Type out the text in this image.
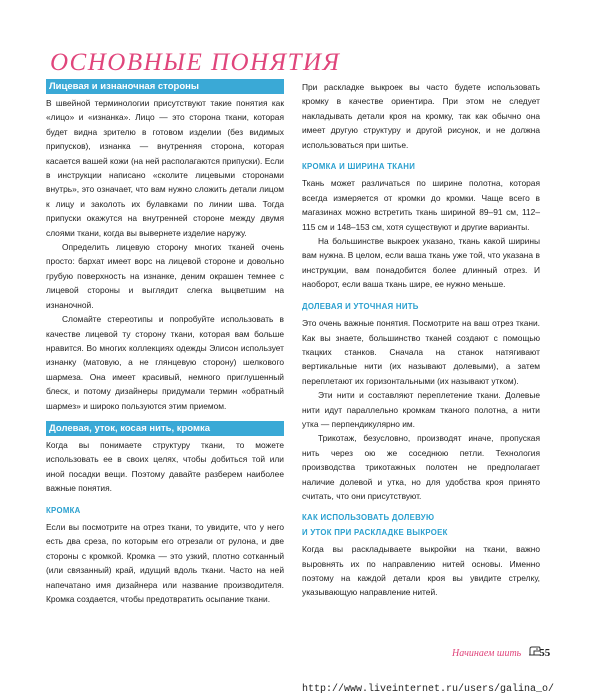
ОСНОВНЫЕ ПОНЯТИЯ
Лицевая и изнаночная стороны

В швейной терминологии присутствуют такие понятия как «лицо» и «изнанка». Лицо — это сторона ткани, которая будет видна зрителю в готовом изделии (без видимых припусков), изнанка — внутренняя сторона, которая касается вашей кожи (на ней располагаются припуски). Если в инструкции написано «сколите лицевыми сторонами внутрь», это означает, что вам нужно сложить детали лицом к лицу и заколоть их булавками по линии шва. Тогда припуски окажутся на внутренней стороне между двумя слоями ткани, когда вы вывернете изделие наружу.

Определить лицевую сторону многих тканей очень просто: бархат имеет ворс на лицевой стороне и довольно грубую поверхность на изнанке, деним окрашен темнее с лицевой стороны и выглядит слегка выцветшим на изнаночной.

Сломайте стереотипы и попробуйте использовать в качестве лицевой ту сторону ткани, которая вам больше нравится. Во многих коллекциях одежды Элисон использует изнанку (матовую, а не глянцевую сторону) шелкового шармеза. Она имеет красивый, немного приглушенный блеск, и потому дизайнеры придумали термин «обратный шармез» и широко пользуются этим приемом.

Долевая, уток, косая нить, кромка

Когда вы понимаете структуру ткани, то можете использовать ее в своих целях, чтобы добиться той или иной посадки вещи. Поэтому давайте разберем наиболее важные понятия.

КРОМКА

Если вы посмотрите на отрез ткани, то увидите, что у него есть два среза, по которым его отрезали от рулона, и две стороны с кромкой. Кромка — это узкий, плотно сотканный (или связанный) край, идущий вдоль ткани. Часто на ней напечатано имя дизайнера или название производителя. Кромка создается, чтобы предотвратить осыпание ткани.

При раскладке выкроек вы часто будете использовать кромку в качестве ориентира. При этом не следует накладывать детали кроя на кромку, так как обычно она имеет другую структуру и другой рисунок, и не должна использоваться при шитье.

КРОМКА И ШИРИНА ТКАНИ

Ткань может различаться по ширине полотна, которая всегда измеряется от кромки до кромки. Чаще всего в магазинах можно встретить ткань шириной 89–91 см, 112–115 см и 148–153 см, хотя существуют и другие варианты.

На большинстве выкроек указано, ткань какой ширины вам нужна. В целом, если ваша ткань уже той, что указана в инструкции, вам понадобится более длинный отрез. И наоборот, если ваша ткань шире, ее нужно меньше.

ДОЛЕВАЯ И УТОЧНАЯ НИТЬ

Это очень важные понятия. Посмотрите на ваш отрез ткани. Как вы знаете, большинство тканей создают с помощью ткацких станков. Сначала на станок натягивают вертикальные нити (их называют долевыми), а затем переплетают их горизонтальными (их называют утком).

Эти нити и составляют переплетение ткани. Долевые нити идут параллельно кромкам тканого полотна, а нити утка — перпендикулярно им.

Трикотаж, безусловно, производят иначе, пропуская нить через ою же соседнюю петли. Технология производства трикотажных полотен не предполагает наличие долевой и утка, но для удобства кроя принято считать, что они присутствуют.

КАК ИСПОЛЬЗОВАТЬ ДОЛЕВУЮ
И УТОК ПРИ РАСКЛАДКЕ ВЫКРОЕК

Когда вы раскладываете выкройки на ткани, важно выровнять их по направлению нитей основы. Именно поэтому на каждой детали кроя вы увидите стрелку, указывающую направление нитей.

Начинаем шить 55
http://www.liveinternet.ru/users/galina_o/
